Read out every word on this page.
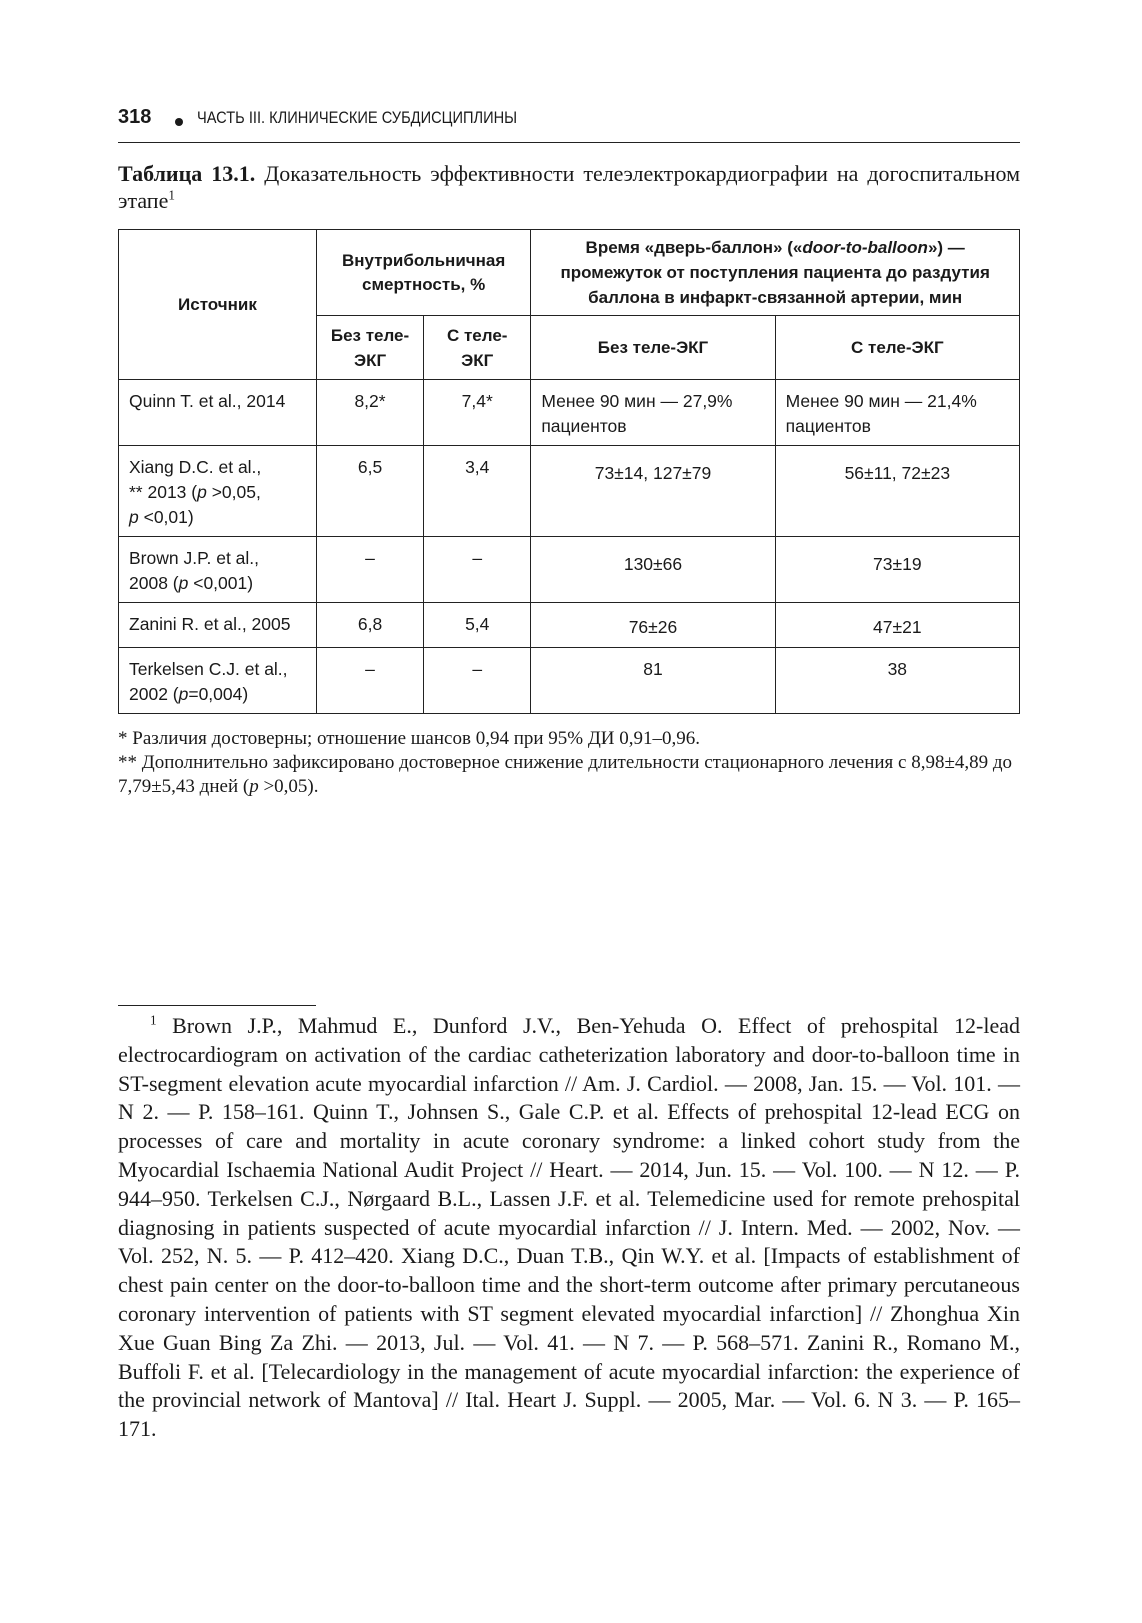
318	ЧАСТЬ III. КЛИНИЧЕСКИЕ СУБДИСЦИПЛИНЫ
Таблица 13.1. Доказательность эффективности телеэлектрокардиографии на догоспитальном этапе$^1$
Источник	Внутрибольничная смертность, %		Время «дверь-баллон» («door-to-balloon») — промежуток от поступления пациента до раздутия баллона в инфаркт-связанной артерии, мин	
	Без теле-ЭКГ	С теле-ЭКГ	Без теле-ЭКГ	С теле-ЭКГ
Quinn T. et al., 2014	8,2*	7,4*	Менее 90 мин — 27,9% пациентов	Менее 90 мин — 21,4% пациентов
Xiang D.C. et al.,
** 2013 (p >0,05,
p <0,01)	6,5	3,4	73±14, 127±79	56±11, 72±23
Brown J.P. et al.,
2008 (p <0,001)	–	–	130±66	73±19
Zanini R. et al., 2005	6,8	5,4	76±26	47±21
Terkelsen C.J. et al.,
2002 (p=0,004)	–	–	81	38
* Различия достоверны; отношение шансов 0,94 при 95% ДИ 0,91–0,96.
** Дополнительно зафиксировано достоверное снижение длительности стационарного лечения с 8,98±4,89 до 7,79±5,43 дней (p >0,05).
$^1$ Brown J.P., Mahmud E., Dunford J.V., Ben-Yehuda O. Effect of prehospital 12-lead electrocardiogram on activation of the cardiac catheterization laboratory and door-to-balloon time in ST-segment elevation acute myocardial infarction // Am. J. Cardiol. — 2008, Jan. 15. — Vol. 101. — N 2. — P. 158–161. Quinn T., Johnsen S., Gale C.P. et al. Effects of prehospital 12-lead ECG on processes of care and mortality in acute coronary syndrome: a linked cohort study from the Myocardial Ischaemia National Audit Project // Heart. — 2014, Jun. 15. — Vol. 100. — N 12. — P. 944–950. Terkelsen C.J., Nørgaard B.L., Lassen J.F. et al. Telemedicine used for remote prehospital diagnosing in patients suspected of acute myocardial infarction // J. Intern. Med. — 2002, Nov. — Vol. 252, N. 5. — P. 412–420. Xiang D.C., Duan T.B., Qin W.Y. et al. [Impacts of establishment of chest pain center on the door-to-balloon time and the short-term outcome after primary percutaneous coronary intervention of patients with ST segment elevated myocardial infarction] // Zhonghua Xin Xue Guan Bing Za Zhi. — 2013, Jul. — Vol. 41. — N 7. — P. 568–571. Zanini R., Romano M., Buffoli F. et al. [Telecardiology in the management of acute myocardial infarction: the experience of the provincial network of Mantova] // Ital. Heart J. Suppl. — 2005, Mar. — Vol. 6. N 3. — P. 165–171.
